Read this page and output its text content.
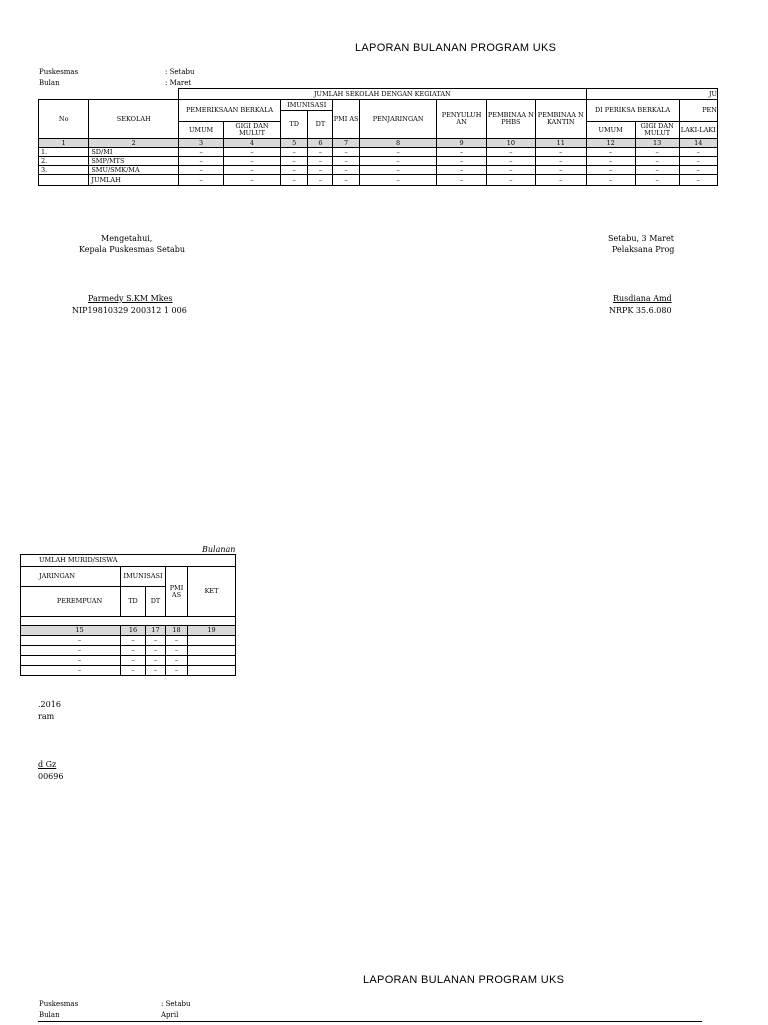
LAPORAN BULANAN PROGRAM UKS
Puskesmas	: Setabu
Bulan	: Maret
		JUMLAH SEKOLAH DENGAN KEGIATAN									JU		
No	SEKOLAH	PEMERIKSAAN BERKALA		IMUNISASI		PMI AS	PENJARINGAN	PENYULUH AN	PEMBINAA N PHBS	PEMBINAA N KANTIN	DI PERIKSA BERKALA		PEN
				TD	DT								
		UMUM	GIGI DAN MULUT								UMUM	GIGI DAN MULUT	LAKI-LAKI
1	2	3	4	5	6	7	8	9	10	11	12	13	14
1.	SD/MI	–	–	–	–	–	–	–	–	–	–	–	–
2.	SMP/MTS	–	–	–	–	–	–	–	–	–	–	–	–
3.	SMU/SMK/MA	–	–	–	–	–	–	–	–	–	–	–	–
	JUMLAH	–	–	–	–	–	–	–	–	–	–	–	–
Mengetahui,
Kepala Puskesmas Setabu
Parmedy S.KM Mkes
NIP19810329 200312 1 006
Setabu, 3 Maret
Pelaksana Prog
Rusdiana Amd
NRPK 35.6.080
Bulanan
UMLAH MURID/SISWA				
JARINGAN	IMUNISASI		PMI AS	KET
PEREMPUAN	TD	DT		

15	16	17	18	19
–	–	–	–	
–	–	–	–	
–	–	–	–	
–	–	–	–	
.2016
ram
d Gz
00696
LAPORAN BULANAN PROGRAM UKS
Puskesmas	: Setabu
Bulan	April
